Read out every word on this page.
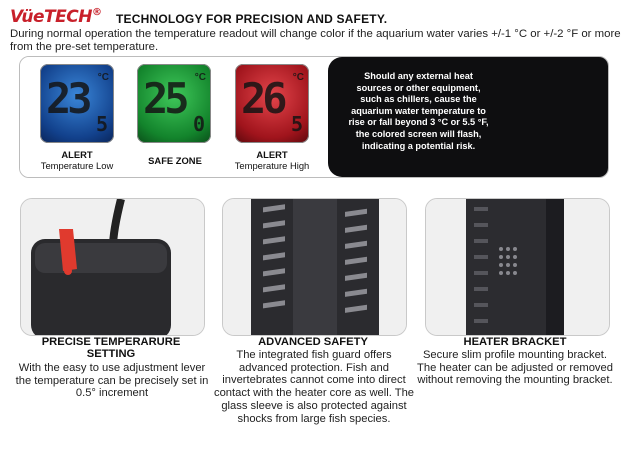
VüeTECH® TECHNOLOGY FOR PRECISION AND SAFETY.
During normal operation the temperature readout will change color if the aquarium water varies +/-1 °C or +/-2 °F or more from the pre-set temperature.
23 °C
5
ALERT
Temperature Low
25 °C
0
SAFE ZONE
26 °C
5
ALERT
Temperature High
Should any external heat sources or other equipment, such as chillers, cause the aquarium water temperature to rise or fall beyond 3 °C or 5.5 °F, the colored screen will flash, indicating a potential risk.
PRECISE TEMPERARURE SETTING
With the easy to use adjustment lever the temperature can be precisely set in 0.5° increment
ADVANCED SAFETY
The integrated fish guard offers advanced protection. Fish and invertebrates cannot come into direct contact with the heater core as well. The glass sleeve is also protected against shocks from large fish species.
HEATER BRACKET
Secure slim profile mounting bracket. The heater can be adjusted or removed without removing the mounting bracket.
